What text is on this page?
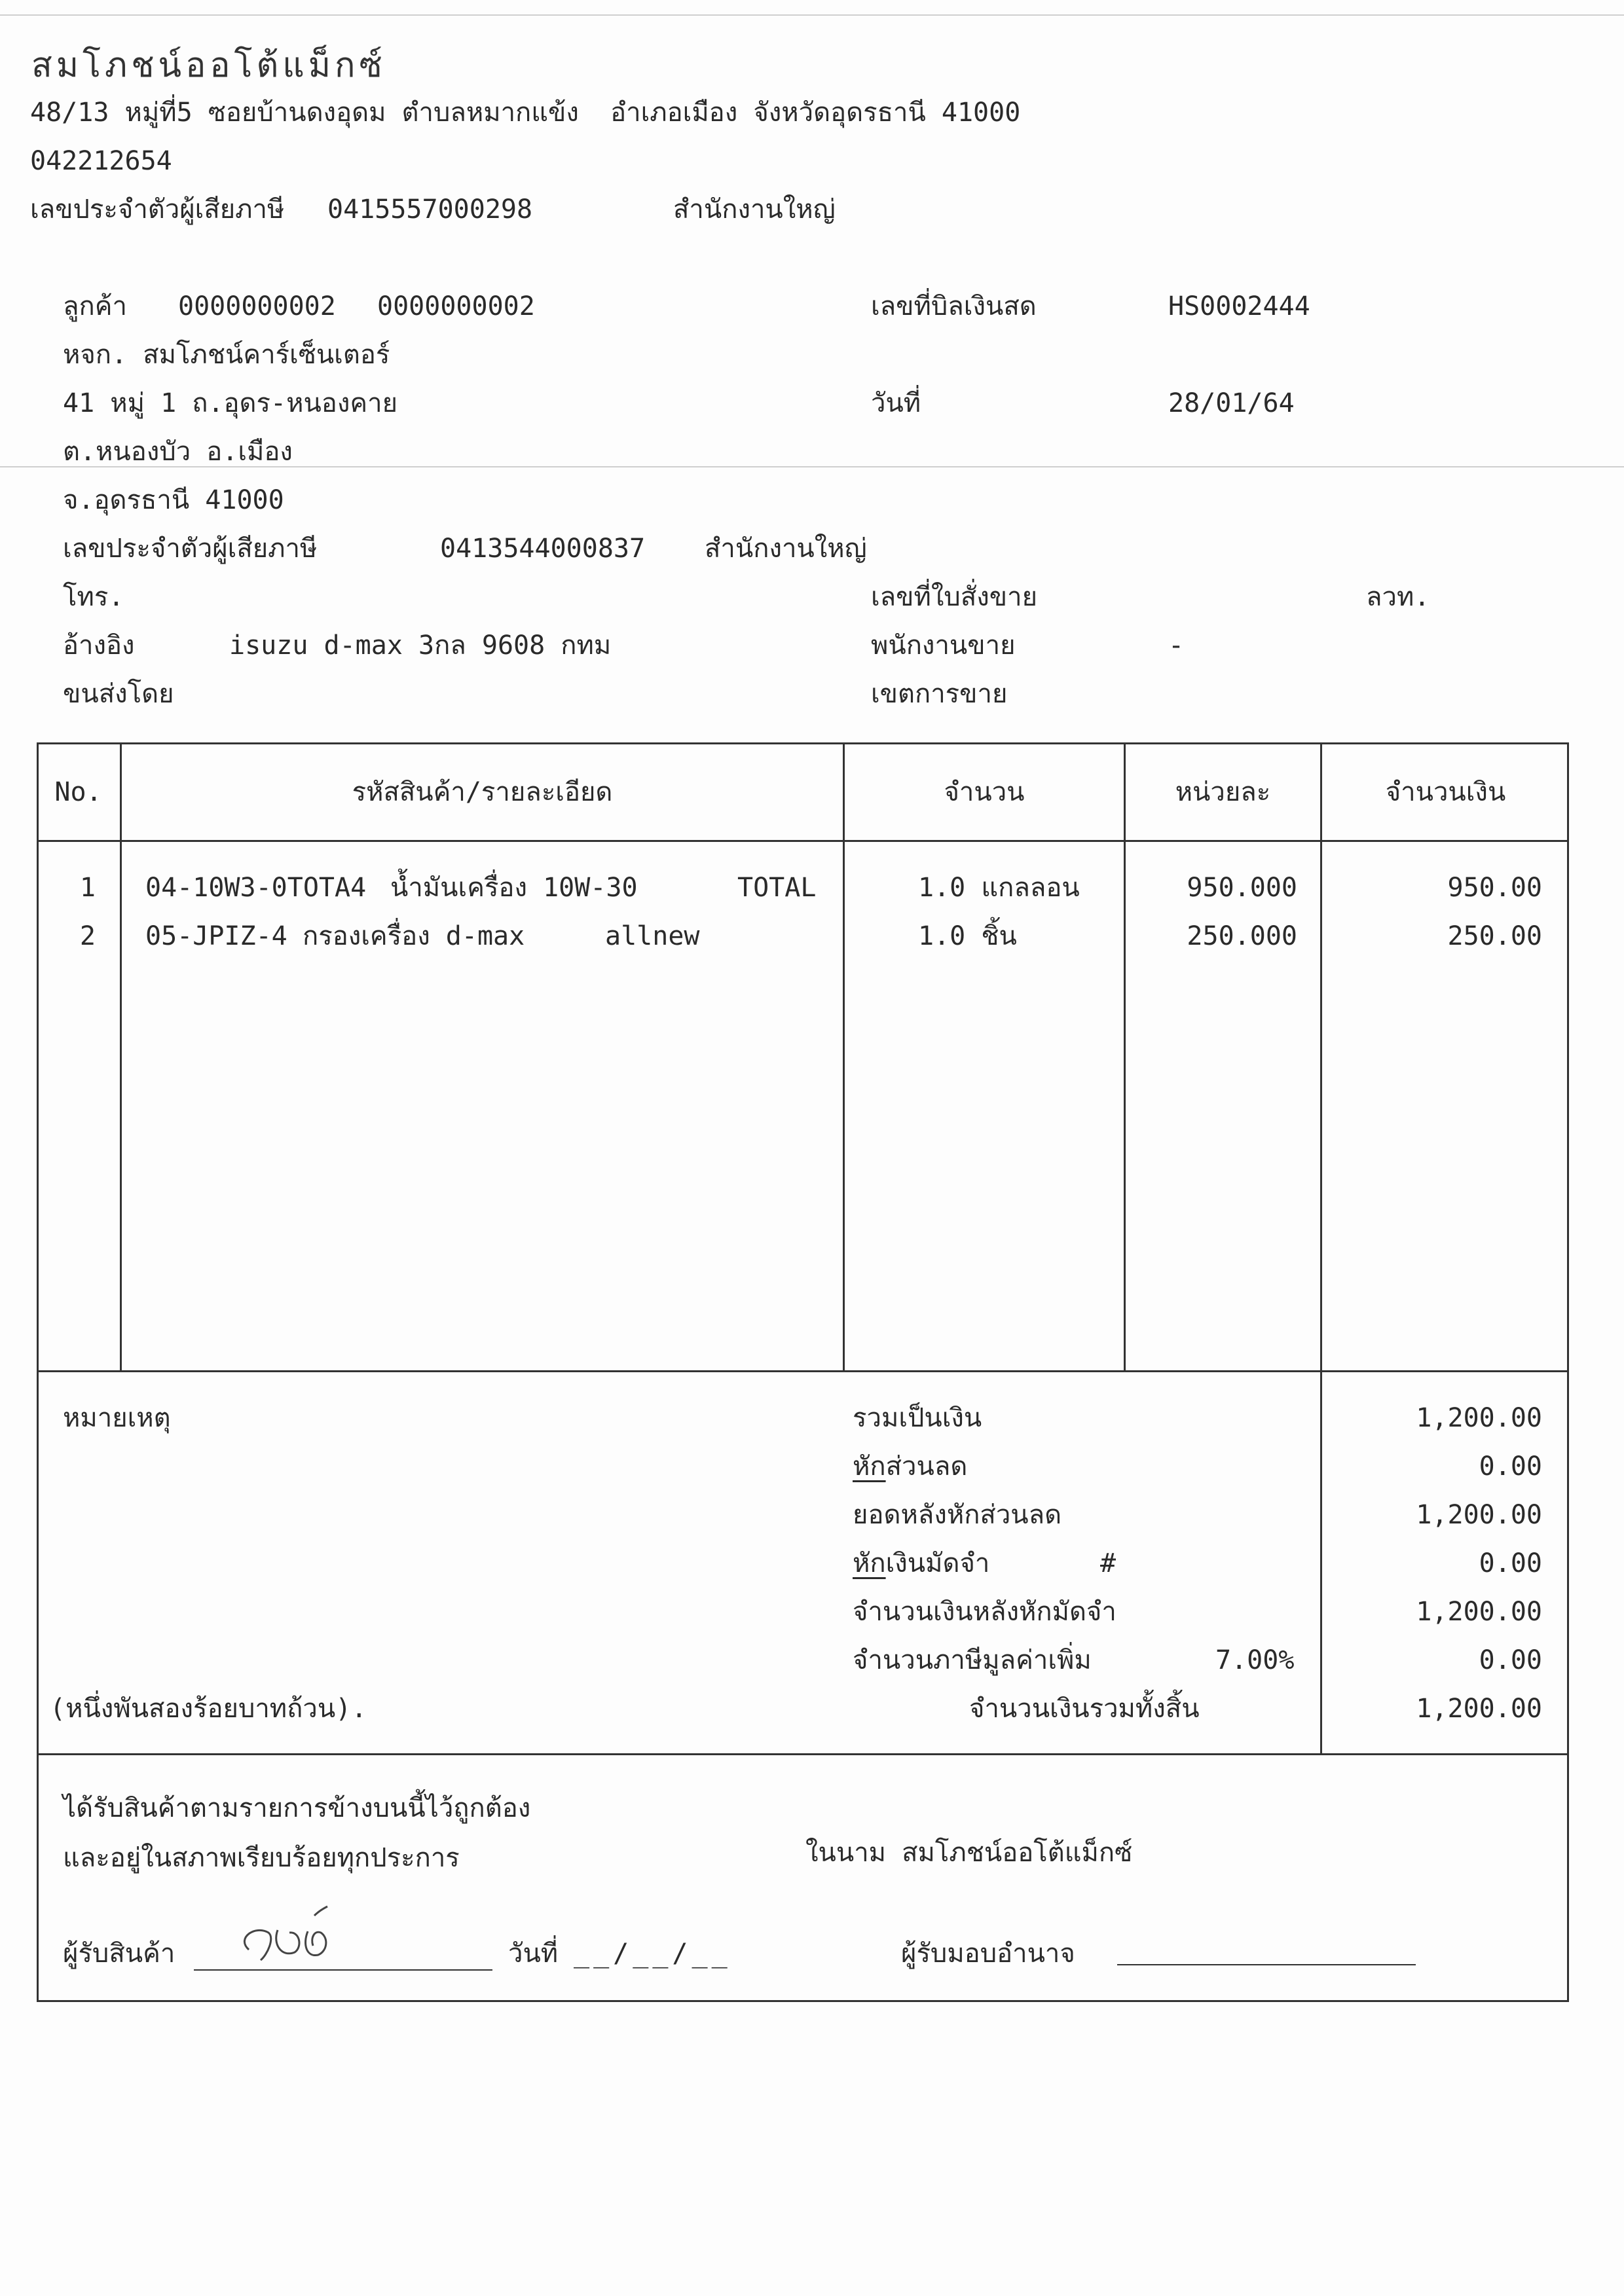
สมโภชน์ออโต้แม็กซ์
48/13 หมู่ที่5 ซอยบ้านดงอุดม ตำบลหมากแข้ง  อำเภอเมือง จังหวัดอุดรธานี 41000
042212654
เลขประจำตัวผู้เสียภาษี 0415557000298	สำนักงานใหญ่
ลูกค้า 0000000002 0000000002
หจก. สมโภชน์คาร์เซ็นเตอร์
41 หมู่ 1 ถ.อุดร-หนองคาย
ต.หนองบัว อ.เมือง
จ.อุดรธานี 41000
เลขประจำตัวผู้เสียภาษี	0413544000837 สำนักงานใหญ่
โทร.
อ้างอิง	isuzu d-max 3กล 9608 กทม
ขนส่งโดย
เลขที่บิลเงินสด	HS0002444
วันที่	28/01/64
เลขที่ใบสั่งขาย	ลวท.
พนักงานขาย	-
เขตการขาย
No.	รหัสสินค้า/รายละเอียด	จำนวน	หน่วยละ	จำนวนเงิน
1 04-10W3-0TOTA4 น้ำมันเครื่อง 10W-30	TOTAL	1.0 แกลลอน	950.000	950.00
2 05-JPIZ-4 กรองเครื่อง d-max	allnew	1.0 ชิ้น	250.000	250.00
หมายเหตุ
(หนึ่งพันสองร้อยบาทถ้วน).
รวมเป็นเงิน	1,200.00
หักส่วนลด	0.00
ยอดหลังหักส่วนลด	1,200.00
หักเงินมัดจำ	#	0.00
จำนวนเงินหลังหักมัดจำ	1,200.00
จำนวนภาษีมูลค่าเพิ่ม	7.00%	0.00
จำนวนเงินรวมทั้งสิ้น	1,200.00
ได้รับสินค้าตามรายการข้างบนนี้ไว้ถูกต้อง
และอยู่ในสภาพเรียบร้อยทุกประการ	ในนาม สมโภชน์ออโต้แม็กซ์
ผู้รับสินค้า	วันที่ __/__/__	ผู้รับมอบอำนาจ
